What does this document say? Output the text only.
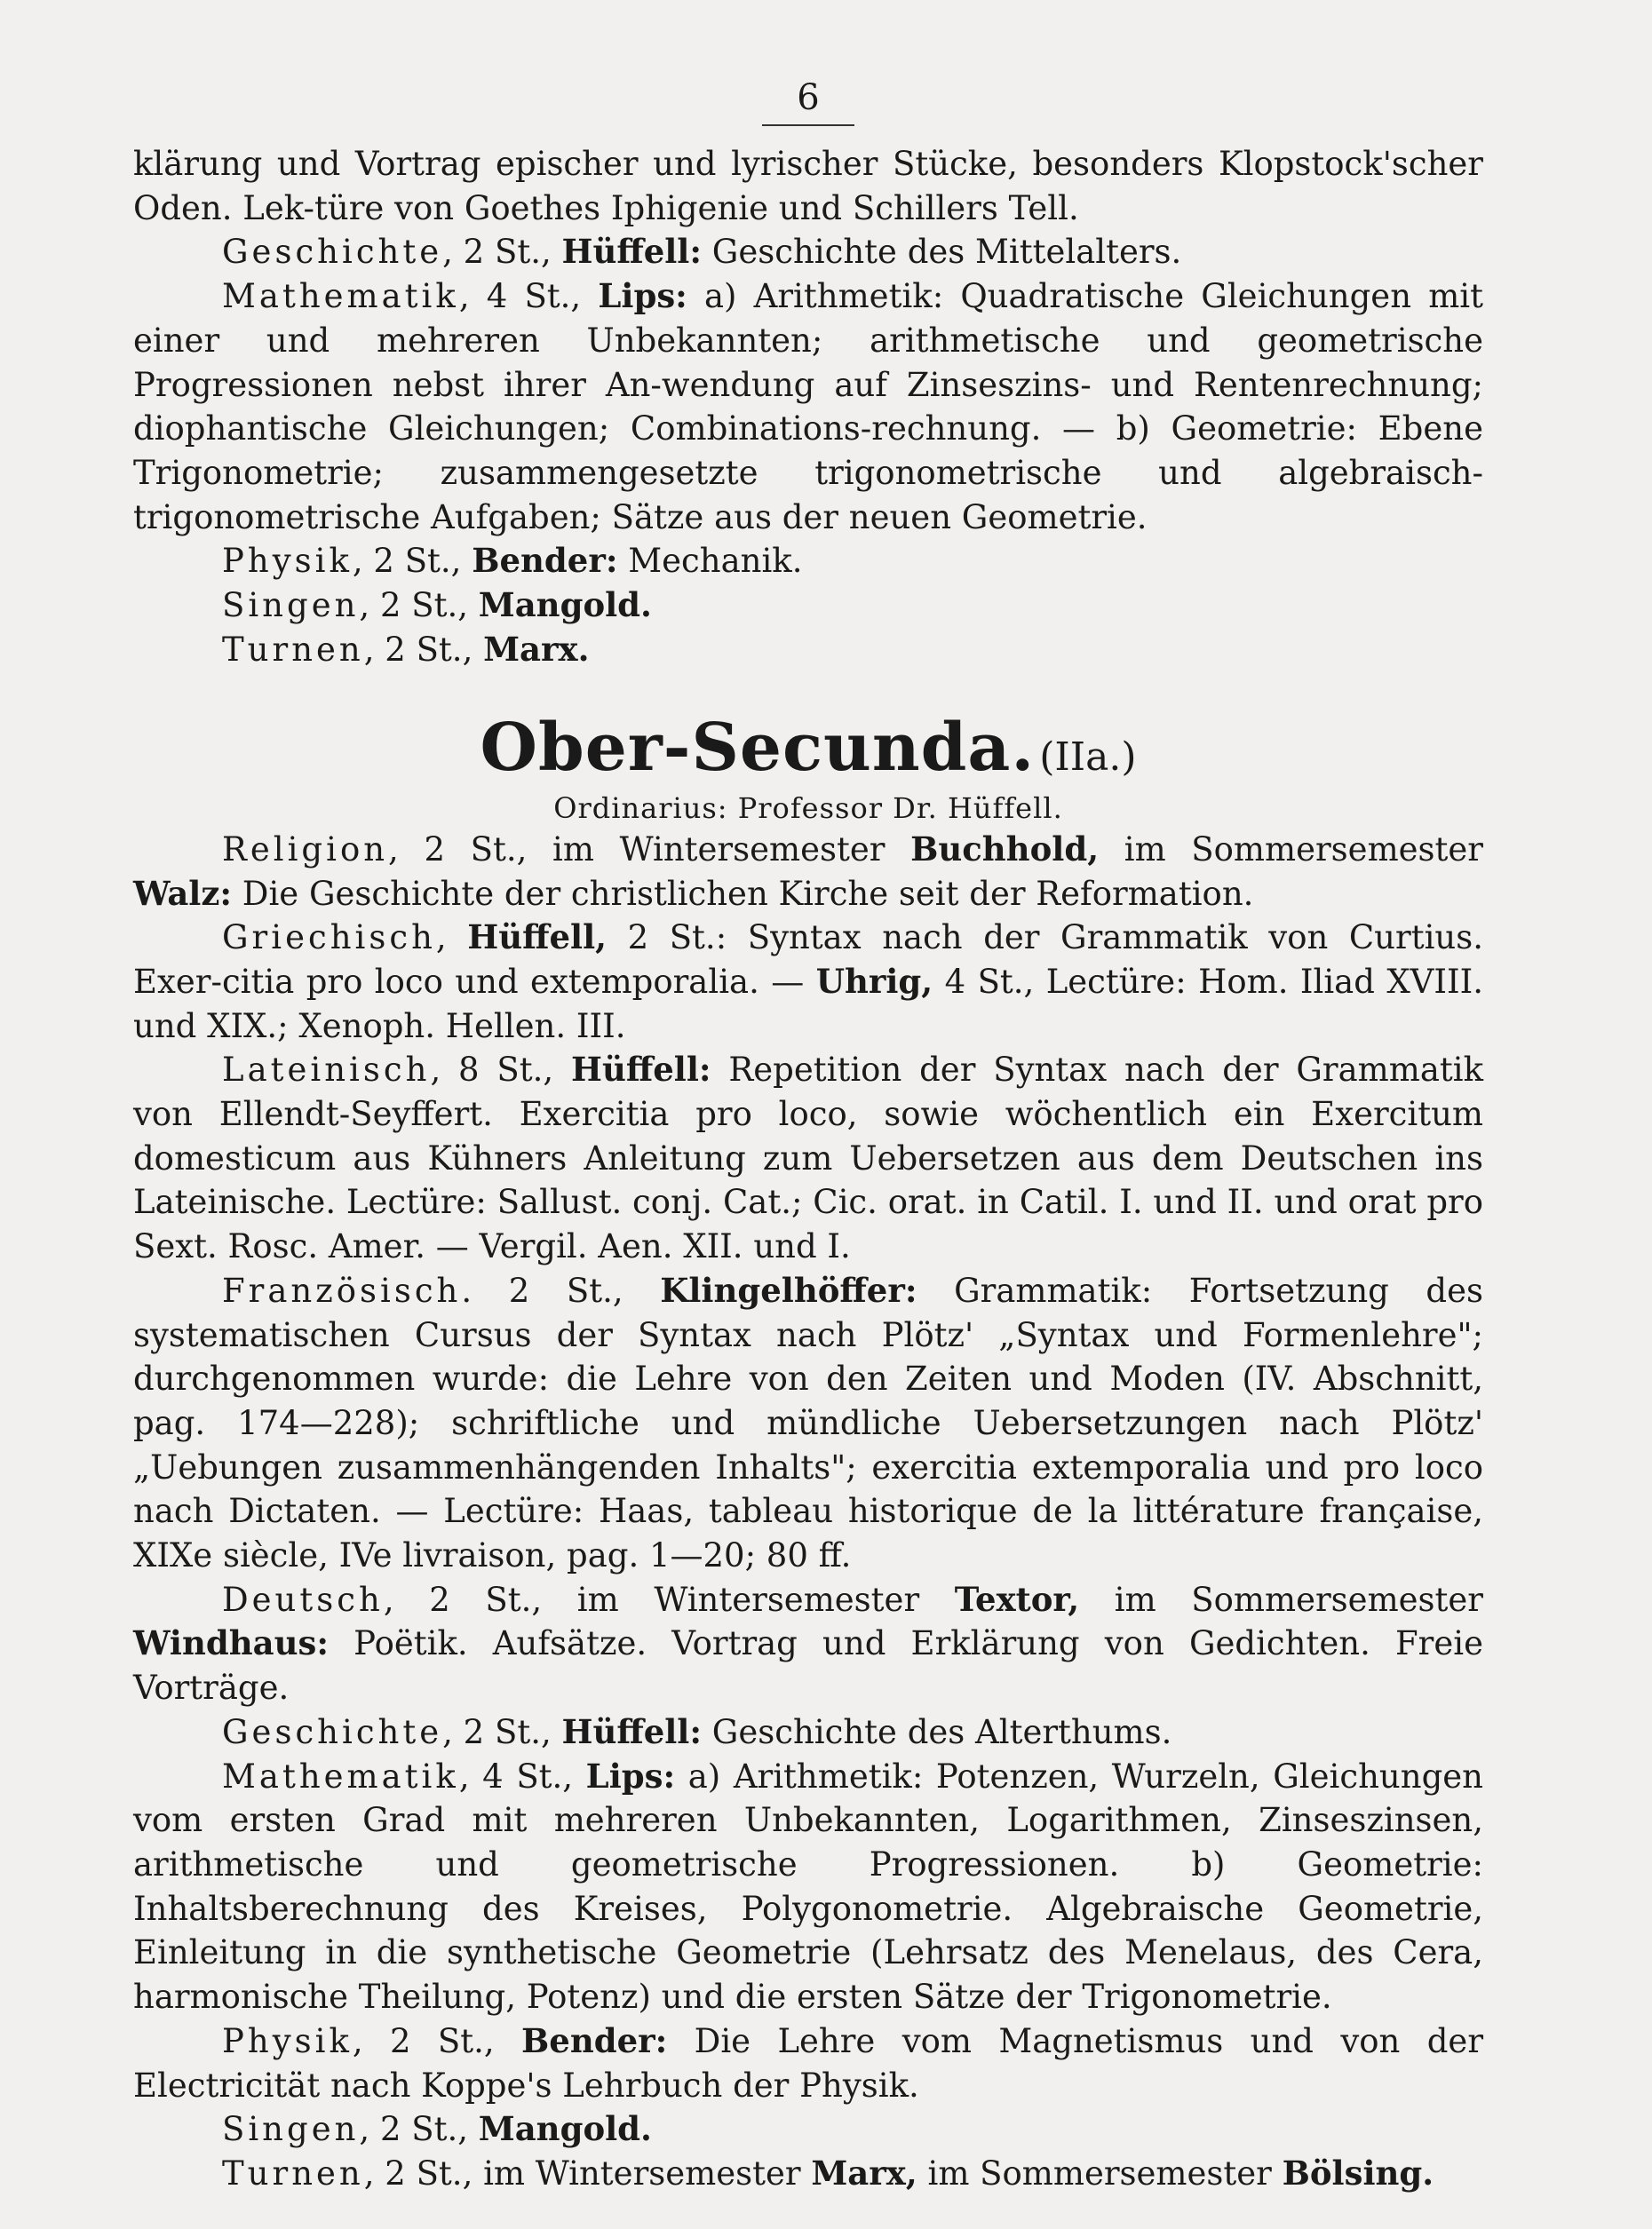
6

klärung und Vortrag epischer und lyrischer Stücke, besonders Klopstock'scher Oden. Lek-türe von Goethes Iphigenie und Schillers Tell.

Geschichte, 2 St., Hüffell: Geschichte des Mittelalters.

Mathematik, 4 St., Lips: a) Arithmetik: Quadratische Gleichungen mit einer und mehreren Unbekannten; arithmetische und geometrische Progressionen nebst ihrer An-wendung auf Zinseszins- und Rentenrechnung; diophantische Gleichungen; Combinations-rechnung. — b) Geometrie: Ebene Trigonometrie; zusammengesetzte trigonometrische und algebraisch-trigonometrische Aufgaben; Sätze aus der neuen Geometrie.

Physik, 2 St., Bender: Mechanik.

Singen, 2 St., Mangold.

Turnen, 2 St., Marx.

Ober-Secunda. (IIa.)
Ordinarius: Professor Dr. Hüffell.

Religion, 2 St., im Wintersemester Buchhold, im Sommersemester Walz: Die Geschichte der christlichen Kirche seit der Reformation.

Griechisch, Hüffell, 2 St.: Syntax nach der Grammatik von Curtius. Exer-citia pro loco und extemporalia. — Uhrig, 4 St., Lectüre: Hom. Iliad XVIII. und XIX.; Xenoph. Hellen. III.

Lateinisch, 8 St., Hüffell: Repetition der Syntax nach der Grammatik von Ellendt-Seyffert. Exercitia pro loco, sowie wöchentlich ein Exercitum domesticum aus Kühners Anleitung zum Uebersetzen aus dem Deutschen ins Lateinische. Lectüre: Sallust. conj. Cat.; Cic. orat. in Catil. I. und II. und orat pro Sext. Rosc. Amer. — Vergil. Aen. XII. und I.

Französisch. 2 St., Klingelhöffer: Grammatik: Fortsetzung des systematischen Cursus der Syntax nach Plötz' „Syntax und Formenlehre"; durchgenommen wurde: die Lehre von den Zeiten und Moden (IV. Abschnitt, pag. 174—228); schriftliche und mündliche Uebersetzungen nach Plötz' „Uebungen zusammenhängenden Inhalts"; exercitia extemporalia und pro loco nach Dictaten. — Lectüre: Haas, tableau historique de la littérature française, XIXe siècle, IVe livraison, pag. 1—20; 80 ff.

Deutsch, 2 St., im Wintersemester Textor, im Sommersemester Windhaus: Poëtik. Aufsätze. Vortrag und Erklärung von Gedichten. Freie Vorträge.

Geschichte, 2 St., Hüffell: Geschichte des Alterthums.

Mathematik, 4 St., Lips: a) Arithmetik: Potenzen, Wurzeln, Gleichungen vom ersten Grad mit mehreren Unbekannten, Logarithmen, Zinseszinsen, arithmetische und geometrische Progressionen. b) Geometrie: Inhaltsberechnung des Kreises, Polygonometrie. Algebraische Geometrie, Einleitung in die synthetische Geometrie (Lehrsatz des Menelaus, des Cera, harmonische Theilung, Potenz) und die ersten Sätze der Trigonometrie.

Physik, 2 St., Bender: Die Lehre vom Magnetismus und von der Electricität nach Koppe's Lehrbuch der Physik.

Singen, 2 St., Mangold.

Turnen, 2 St., im Wintersemester Marx, im Sommersemester Bölsing.
